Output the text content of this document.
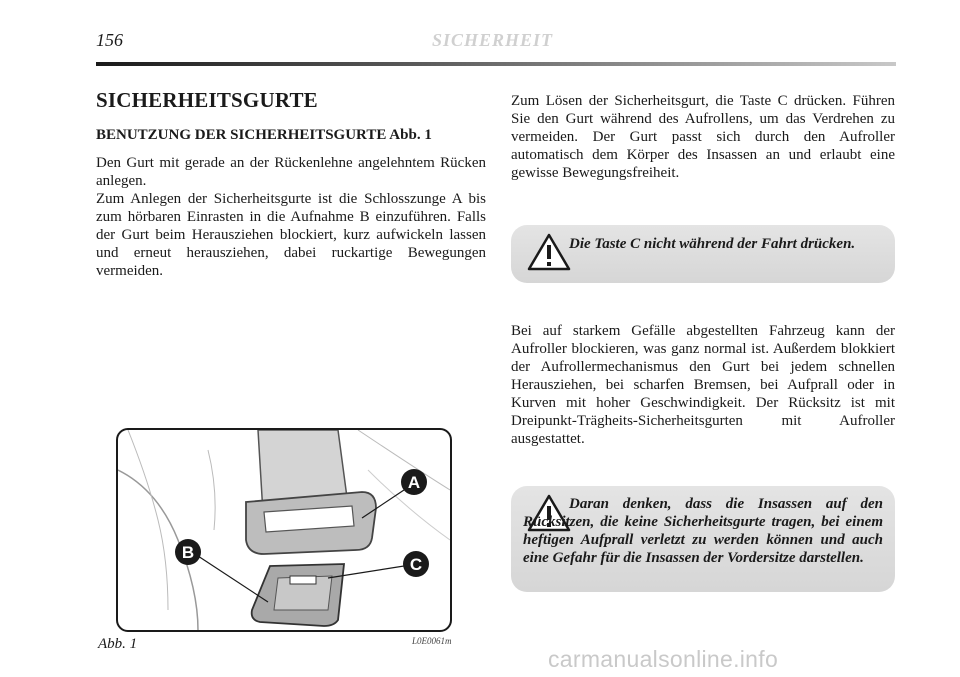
156	SICHERHEIT
SICHERHEITSGURTE
BENUTZUNG DER SICHERHEITSGURTE Abb. 1

Den Gurt mit gerade an der Rückenlehne angelehntem Rücken anlegen.

Zum Anlegen der Sicherheitsgurte ist die Schlosszunge A bis zum hörbaren Einrasten in die Aufnahme B einzuführen. Falls der Gurt beim Herausziehen blockiert, kurz aufwickeln lassen und erneut herausziehen, dabei ruckartige Bewegungen vermeiden.

Zum Lösen der Sicherheitsgurt, die Taste C drücken. Führen Sie den Gurt während des Aufrollens, um das Verdrehen zu vermeiden. Der Gurt passt sich durch den Aufroller automatisch dem Körper des Insassen an und erlaubt eine gewisse Bewegungsfreiheit.

Die Taste C nicht während der Fahrt drücken.

Bei auf starkem Gefälle abgestellten Fahrzeug kann der Aufroller blockieren, was ganz normal ist. Außerdem blokkiert der Aufrollermechanismus den Gurt bei jedem schnellen Herausziehen, bei scharfen Bremsen, bei Aufprall oder in Kurven mit hoher Geschwindigkeit. Der Rücksitz ist mit Dreipunkt-Trägheits-Sicherheitsgurten mit Aufroller ausgestattet.

Daran denken, dass die Insassen auf den Rücksitzen, die keine Sicherheitsgurte tragen, bei einem heftigen Aufprall verletzt zu werden können und auch eine Gefahr für die Insassen der Vordersitze darstellen.

A
B
C
Abb. 1	L0E0061m
carmanualsonline.info
